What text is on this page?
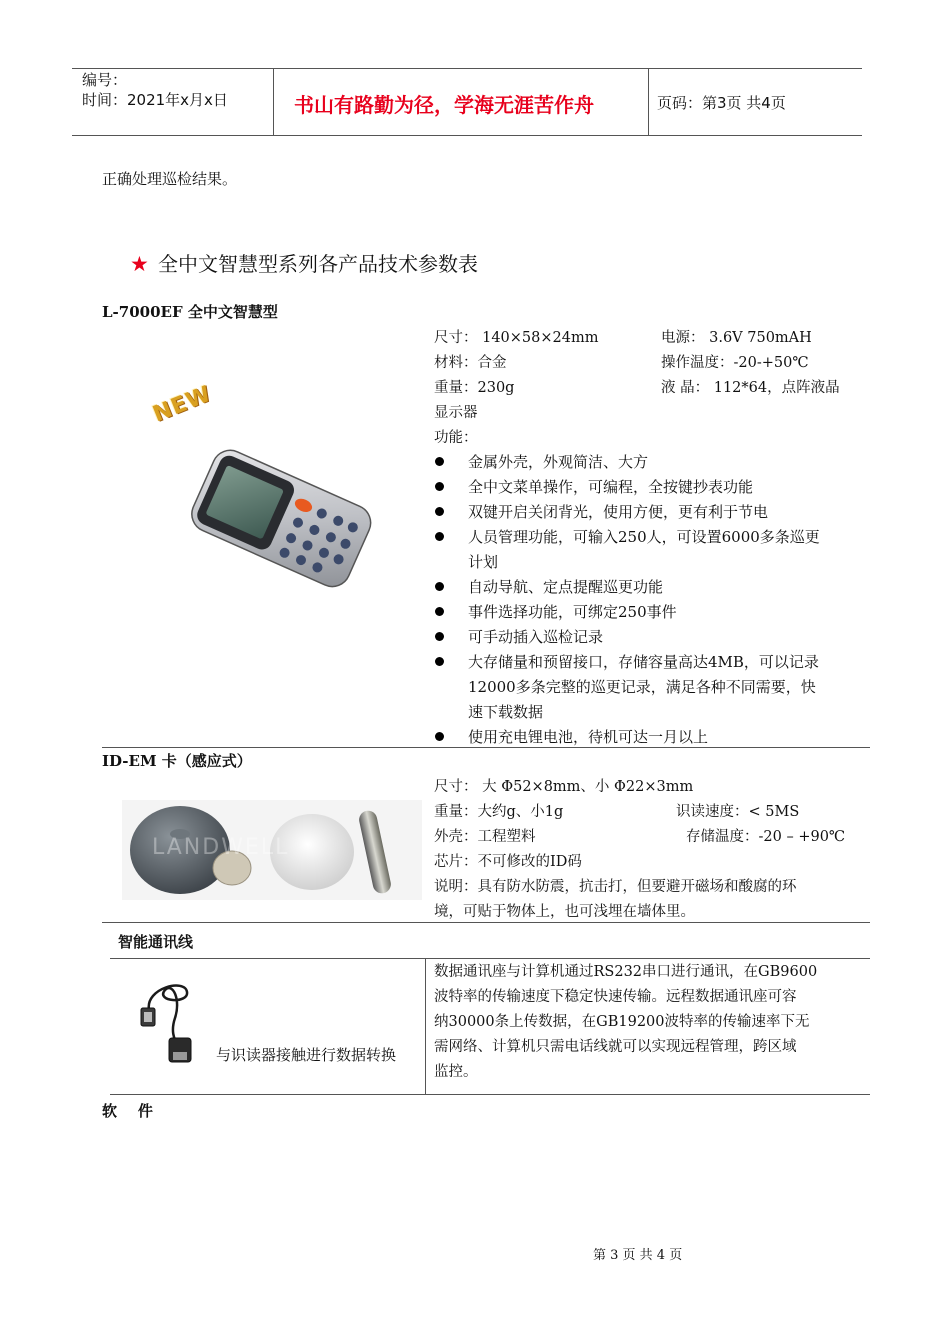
编号：
时间：2021年x月x日	书山有路勤为径，学海无涯苦作舟	页码：第3页 共4页
正确处理巡检结果。
★ 全中文智慧型系列各产品技术参数表
L-7000EF 全中文智慧型
NEW
尺寸： 140×58×24mm	电源： 3.6V 750mAH
材料：合金	操作温度：-20-+50℃
重量：230g	液 晶： 112*64，点阵液晶
显示器
功能：
金属外壳，外观简洁、大方
全中文菜单操作，可编程，全按键抄表功能
双键开启关闭背光，使用方便，更有利于节电
人员管理功能，可输入250人，可设置6000多条巡更
计划
自动导航、定点提醒巡更功能
事件选择功能，可绑定250事件
可手动插入巡检记录
大存储量和预留接口，存储容量高达4MB，可以记录
12000多条完整的巡更记录，满足各种不同需要，快
速下载数据
使用充电锂电池，待机可达一月以上
ID-EM 卡（感应式）
LANDWELL
尺寸： 大 Φ52×8mm、小 Φ22×3mm
重量：大约g、小1g	识读速度：< 5MS
外壳：工程塑料	存储温度：-20 – +90℃
芯片：不可修改的ID码
说明：具有防水防震，抗击打，但要避开磁场和酸腐的环
境，可贴于物体上，也可浅埋在墙体里。
智能通讯线
与识读器接触进行数据转换
数据通讯座与计算机通过RS232串口进行通讯，在GB9600
波特率的传输速度下稳定快速传输。远程数据通讯座可容
纳30000条上传数据，在GB19200波特率的传输速率下无
需网络、计算机只需电话线就可以实现远程管理，跨区域
监控。
软    件
第 3 页 共 4 页
